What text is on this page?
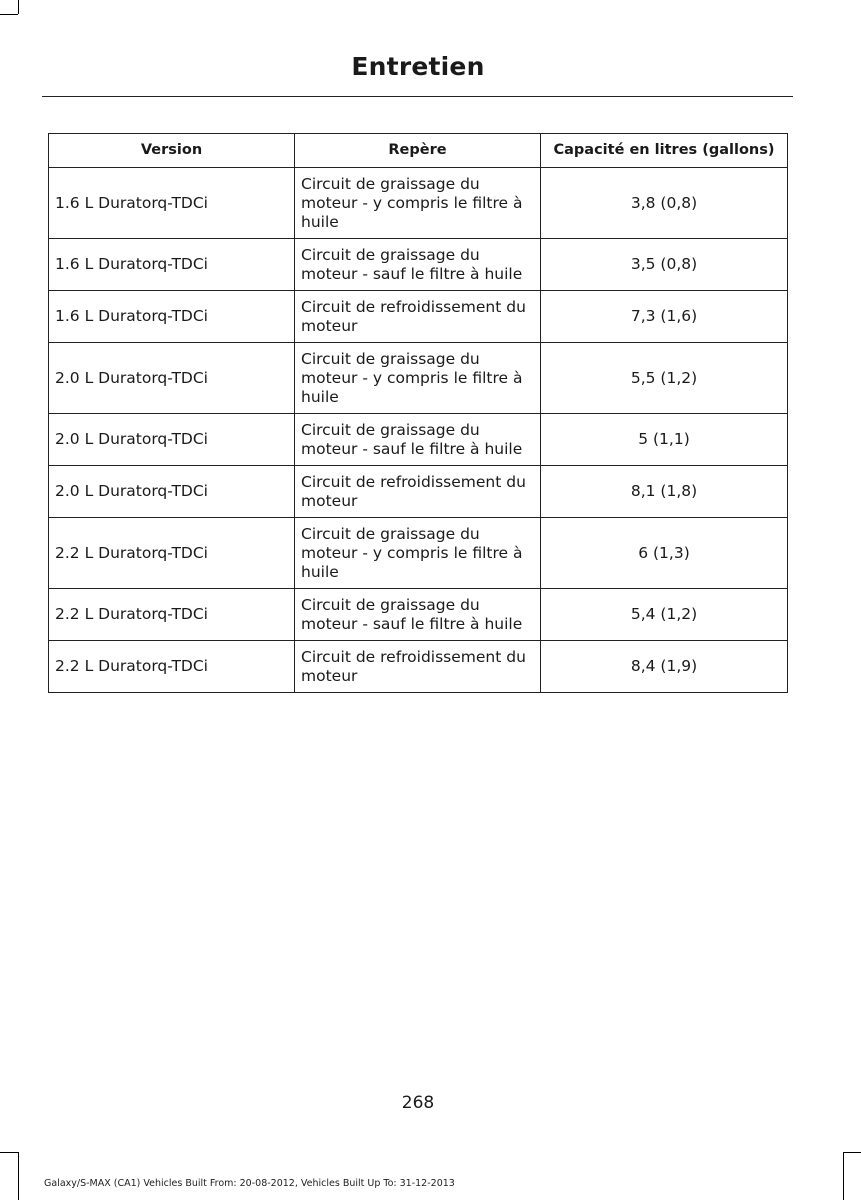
Entretien
Version	Repère	Capacité en litres (gallons)
1.6 L Duratorq-TDCi	Circuit de graissage du moteur - y compris le filtre à huile	3,8 (0,8)
1.6 L Duratorq-TDCi	Circuit de graissage du moteur - sauf le filtre à huile	3,5 (0,8)
1.6 L Duratorq-TDCi	Circuit de refroidissement du moteur	7,3 (1,6)
2.0 L Duratorq-TDCi	Circuit de graissage du moteur - y compris le filtre à huile	5,5 (1,2)
2.0 L Duratorq-TDCi	Circuit de graissage du moteur - sauf le filtre à huile	5 (1,1)
2.0 L Duratorq-TDCi	Circuit de refroidissement du moteur	8,1 (1,8)
2.2 L Duratorq-TDCi	Circuit de graissage du moteur - y compris le filtre à huile	6 (1,3)
2.2 L Duratorq-TDCi	Circuit de graissage du moteur - sauf le filtre à huile	5,4 (1,2)
2.2 L Duratorq-TDCi	Circuit de refroidissement du moteur	8,4 (1,9)
268
Galaxy/S-MAX (CA1) Vehicles Built From: 20-08-2012, Vehicles Built Up To: 31-12-2013
